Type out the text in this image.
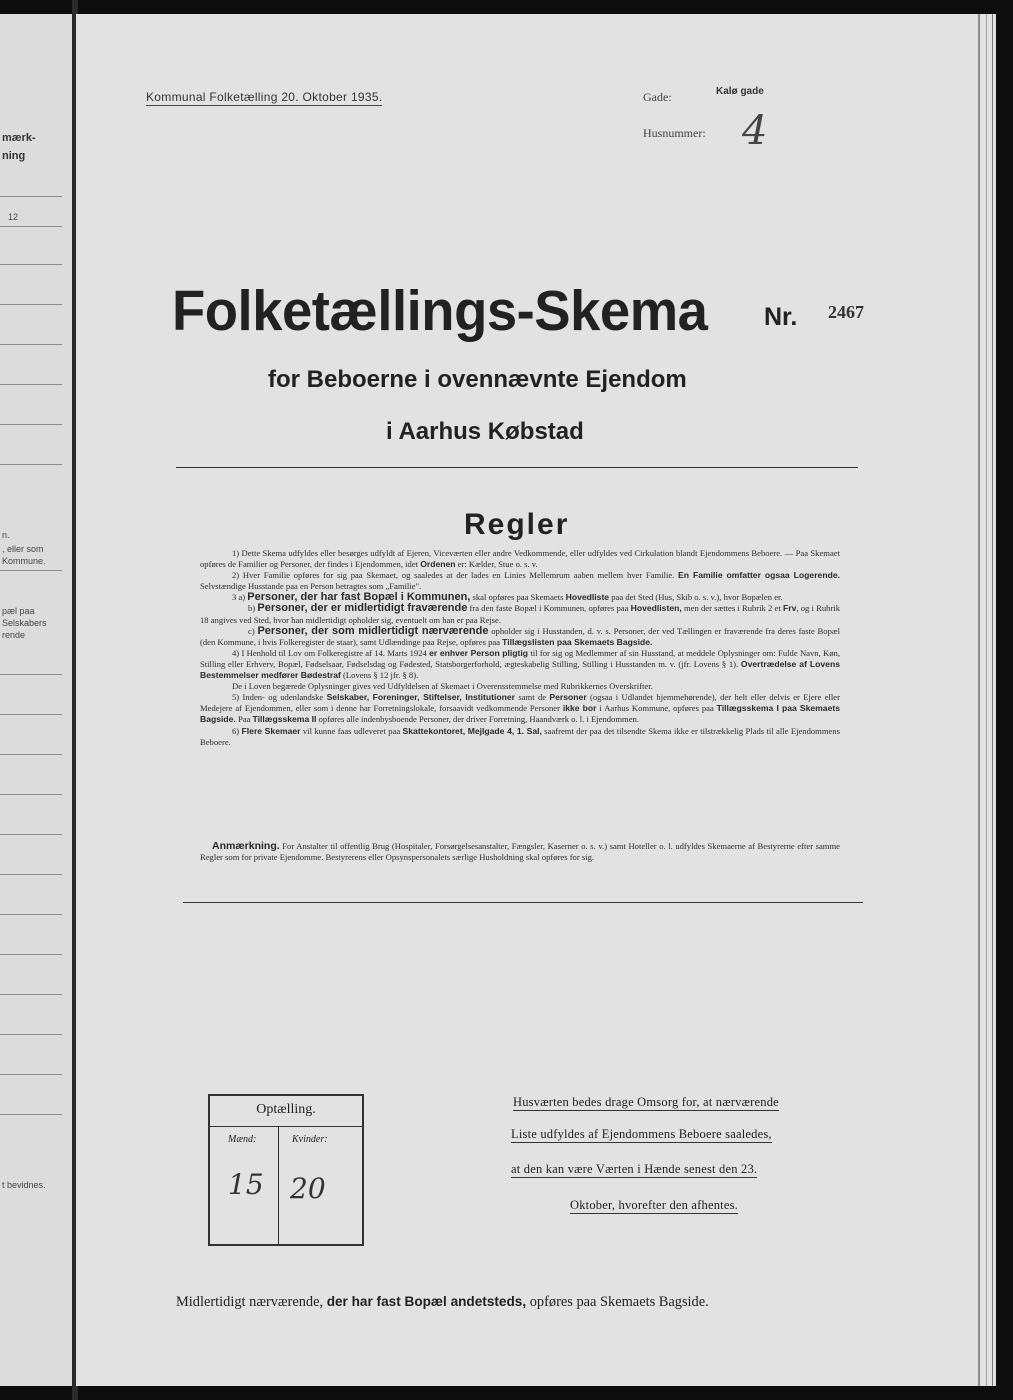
mærk-
ning
12
n.
, eller som
Kommune.
pæl paa
Selskabers
rende
t bevidnes.
Kommunal Folketælling 20. Oktober 1935.	Gade:	Kalø gade
Husnummer: 4
Folketællings-Skema Nr. 2467
for Beboerne i ovennævnte Ejendom
i Aarhus Købstad
Regler

1) Dette Skema udfyldes eller besørges udfyldt af Ejeren, Viceværten eller andre Vedkommende, eller udfyldes ved Cirkulation blandt Ejendommens Beboere. — Paa Skemaet opføres de Familier og Personer, der findes i Ejendommen, idet Ordenen er: Kælder, Stue o. s. v.

2) Hver Familie opføres for sig paa Skemaet, og saaledes at der lades en Linies Mellemrum aaben mellem hver Familie. En Familie omfatter ogsaa Logerende. Selvstændige Husstande paa en Person betragtes som „Familie".

3 a) Personer, der har fast Bopæl i Kommunen, skal opføres paa Skemaets Hovedliste paa det Sted (Hus, Skib o. s. v.), hvor Bopælen er.

b) Personer, der er midlertidigt fraværende fra den faste Bopæl i Kommunen, opføres paa Hovedlisten, men der sættes i Rubrik 2 et Frv, og i Rubrik 18 angives ved Sted, hvor han midlertidigt opholder sig, eventuelt om han er paa Rejse.

c) Personer, der som midlertidigt nærværende opholder sig i Husstanden, d. v. s. Personer, der ved Tællingen er fraværende fra deres faste Bopæl (den Kommune, i hvis Folkeregister de staar), samt Udlændinge paa Rejse, opføres paa Tillægslisten paa Skemaets Bagside.

4) I Henhold til Lov om Folkeregistre af 14. Marts 1924 er enhver Person pligtig til for sig og Medlemmer af sin Husstand, at meddele Oplysninger om: Fulde Navn, Køn, Stilling eller Erhverv, Bopæl, Fødselsaar, Fødselsdag og Fødested, Statsborgerforhold, ægteskabelig Stilling, Stilling i Husstanden m. v. (jfr. Lovens § 1). Overtrædelse af Lovens Bestemmelser medfører Bødestraf (Lovens § 12 jfr. § 8).

De i Loven begærede Oplysninger gives ved Udfyldelsen af Skemaet i Overensstemmelse med Rubrikkernes Overskrifter.

5) Inden- og udenlandske Selskaber, Foreninger, Stiftelser, Institutioner samt de Personer (ogsaa i Udlandet hjemmehørende), der helt eller delvis er Ejere eller Medejere af Ejendommen, eller som i denne har Forretningslokale, forsaavidt vedkommende Personer ikke bor i Aarhus Kommune, opføres paa Tillægsskema I paa Skemaets Bagside. Paa Tillægsskema II opføres alle indenbysboende Personer, der driver Forretning, Haandværk o. l. i Ejendommen.

6) Flere Skemaer vil kunne faas udleveret paa Skattekontoret, Mejlgade 4, 1. Sal, saafremt der paa det tilsendte Skema ikke er tilstrækkelig Plads til alle Ejendommens Beboere.

Anmærkning. For Anstalter til offentlig Brug (Hospitaler, Forsørgelsesanstalter, Fængsler, Kaserner o. s. v.) samt Hoteller o. l. udfyldes Skemaerne af Bestyrerne efter samme Regler som for private Ejendomme. Bestyrerens eller Opsynspersonalets særlige Husholdning skal opføres for sig.
Optælling.
Mænd:	Kvinder:
15 20

Husværten bedes drage Omsorg for, at nærværende

Liste udfyldes af Ejendommens Beboere saaledes,

at den kan være Værten i Hænde senest den 23.

Oktober, hvorefter den afhentes.

Midlertidigt nærværende, der har fast Bopæl andetsteds, opføres paa Skemaets Bagside.
